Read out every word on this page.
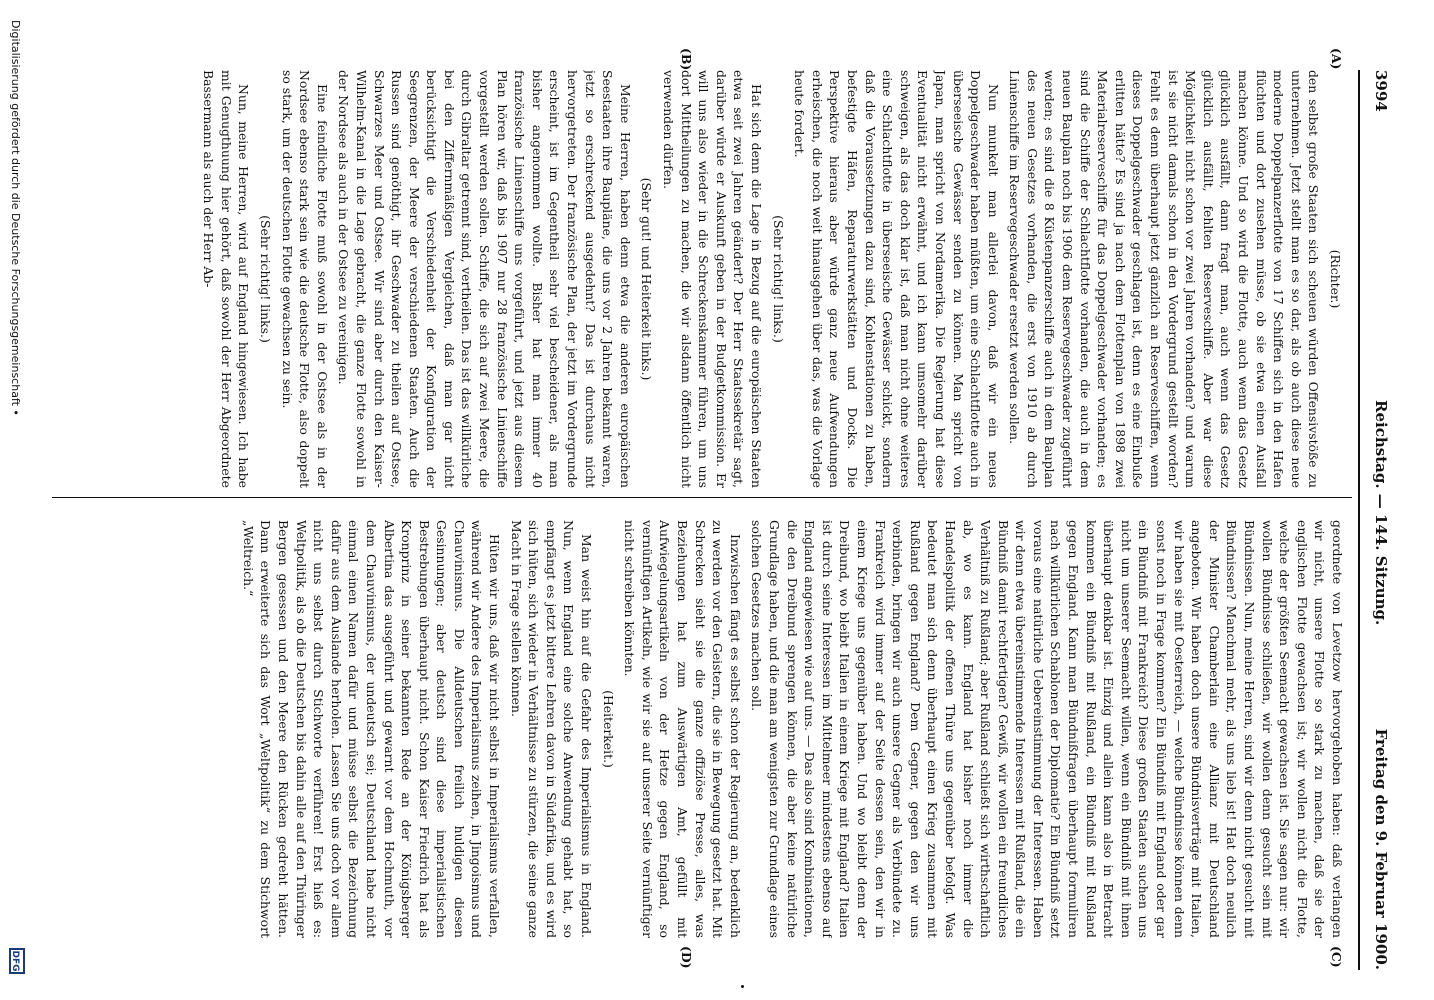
3994
Reichstag. — 144. Sitzung.
Freitag den 9. Februar 1900.
(A)
(B)
(C)
(D)

(Richter.)

den selbst große Staaten sich scheuen würden Offensivstöße zu unternehmen. Jetzt stellt man es so dar, als ob auch diese neue moderne Doppelpanzerflotte von 17 Schiffen sich in den Hafen flüchten und dort zusehen müsse, ob sie etwa einen Ausfall machen könne. Und so wird die Flotte, auch wenn das Gesetz glücklich ausfällt, dann fragt man, auch wenn das Gesetz glücklich ausfällt, fehlten Reserveschiffe. Aber war diese Möglichkeit nicht schon vor zwei Jahren vorhanden? und warum ist sie nicht damals schon in den Vordergrund gestellt worden? Fehlt es denn überhaupt jetzt gänzlich an Reserveschiffen, wenn dieses Doppelgeschwader geschlagen ist, denn es eine Einbuße erlitten hätte? Es sind ja nach dem Flottenplan von 1898 zwei Materialreserveschiffe für das Doppelgeschwader vorhanden; es sind die Schiffe der Schlachtflotte vorhanden, die auch in dem neuen Bauplan noch bis 1906 dem Reservegeschwader zugeführt werden; es sind die 8 Küstenpanzerschiffe auch in dem Bauplan des neuen Gesetzes vorhanden, die erst von 1910 ab durch Linienschiffe im Reservegeschwader ersetzt werden sollen.

Nun munkelt man allerlei davon, daß wir ein neues Doppelgeschwader haben müßten, um eine Schlachtflotte auch in überseeische Gewässer senden zu können. Man spricht von Japan, man spricht von Nordamerika. Die Regierung hat diese Eventualität nicht erwähnt, und ich kann umsomehr darüber schweigen, als das doch klar ist, daß man nicht ohne weiteres eine Schlachtflotte in überseeische Gewässer schickt, sondern daß die Voraussetzungen dazu sind, Kohlenstationen zu haben, befestigte Häfen, Reparaturwerkstätten und Docks. Die Perspektive hieraus aber würde ganz neue Aufwendungen erheischen, die noch weit hinausgehen über das, was die Vorlage heute fordert.

(Sehr richtig! links.)

Hat sich denn die Lage in Bezug auf die europäischen Staaten etwa seit zwei Jahren geändert? Der Herr Staatssekretär sagt, darüber würde er Auskunft geben in der Budgetkommission. Er will uns also wieder in die Schreckenskammer führen, um uns dort Mittheilungen zu machen, die wir alsdann öffentlich nicht verwenden dürfen.

(Sehr gut! und Heiterkeit links.)

Meine Herren, haben denn etwa die anderen europäischen Seestaaten ihre Baupläne, die uns vor 2 Jahren bekannt waren, jetzt so erschreckend ausgedehnt? Das ist durchaus nicht hervorgetreten. Der französische Plan, der jetzt im Vordergrunde erscheint, ist im Gegentheil sehr viel bescheidener, als man bisher angenommen wollte. Bisher hat man immer 40 französische Linienschiffe uns vorgeführt, und jetzt aus diesem Plan hören wir, daß bis 1907 nur 28 französische Linienschiffe vorgestellt werden sollen. Schiffe, die sich auf zwei Meere, die durch Gibraltar getrennt sind, vertheilen. Das ist das willkürliche bei den Ziffernmäßigen Vergleichen, daß man gar nicht berücksichtigt die Verschiedenheit der Konfiguration der Seegrenzen, der Meere der verschiedenen Staaten. Auch die Russen sind genöthigt, ihr Geschwader zu theilen auf Ostsee, Schwarzes Meer und Ostsee. Wir sind aber durch den Kaiser-Wilhelm-Kanal in die Lage gebracht, die ganze Flotte sowohl in der Nordsee als auch in der Ostsee zu vereinigen.

Eine feindliche Flotte muß sowohl in der Ostsee als in der Nordsee ebenso stark sein wie die deutsche Flotte, also doppelt so stark, um der deutschen Flotte gewachsen zu sein.

(Sehr richtig! links.)

Nun, meine Herren, wird auf England hingewiesen. Ich habe mit Genugthuung hier gehört, daß sowohl der Herr Abgeordnete Bassermann als auch der Herr Ab-

geordnete von Levetzow hervorgehoben haben: daß verlangen wir nicht, unsere Flotte so stark zu machen, daß sie der englischen Flotte gewachsen ist; wir wollen nicht die Flotte, welche der größten Seemacht gewachsen ist. Sie sagen nur: wir wollen Bündnisse schließen, wir wollen denn gesucht sein mit Bündnissen. Nun, meine Herren, sind wir denn nicht gesucht mit Bündnissen? Manchmal mehr, als uns lieb ist! Hat doch neulich der Minister Chamberlain eine Allianz mit Deutschland angeboten. Wir haben doch unsere Bündnisverträge mit Italien, wir haben sie mit Oesterreich, — welche Bündnisse können denn sonst noch in Frage kommen? Ein Bündniß mit England oder gar ein Bündniß mit Frankreich? Diese großen Staaten suchen uns nicht um unserer Seemacht willen, wenn ein Bündniß mit ihnen überhaupt denkbar ist. Einzig und allein kann also in Betracht kommen ein Bündniß mit Rußland, ein Bündniß mit Rußland gegen England. Kann man Bündnißfragen überhaupt formuliren nach willkürlichen Schablonen der Diplomatie? Ein Bündniß setzt voraus eine natürliche Uebereinstimmung der Interessen. Haben wir denn etwa übereinstimmende Interessen mit Rußland, die ein Bündniß damit rechtfertigen? Gewiß, wir wollen ein freundliches Verhältniß zu Rußland; aber Rußland schließt sich wirthschaftlich ab, wo es kann. England hat bisher noch immer die Handelspolitik der offenen Thüre uns gegenüber befolgt. Was bedeutet man sich denn überhaupt einen Krieg zusammen mit Rußland gegen England? Dem Gegner, gegen den wir uns verbinden, bringen wir auch unsere Gegner als Verbündete zu. Frankreich wird immer auf der Seite dessen sein, den wir in einem Kriege uns gegenüber haben. Und wo bleibt denn der Dreibund, wo bleibt Italien in einem Kriege mit England? Italien ist durch seine Interessen im Mittelmeer mindestens ebenso auf England angewiesen wie auf uns. — Das also sind Kombinationen, die den Dreibund sprengen können, die aber keine natürliche Grundlage haben, und die man am wenigsten zur Grundlage eines solchen Gesetzes machen soll.

Inzwischen fängt es selbst schon der Regierung an, bedenklich zu werden vor den Geistern, die sie in Bewegung gesetzt hat. Mit Schrecken sieht sie die ganze offiziöse Presse, alles, was Beziehungen hat zum Auswärtigen Amt, gefüllt mit Aufwiegelungsartikeln von der Hetze gegen England, so vernünftigen Artikeln, wie wir sie auf unserer Seite vernünftiger nicht schreiben könnten.

(Heiterkeit.)

Man weist hin auf die Gefahr des Imperialismus in England. Nun, wenn England eine solche Anwendung gehabt hat, so empfängt es jetzt bittere Lehren davon in Südafrika, und es wird sich hüten, sich wieder in Verhältnisse zu stürzen, die seine ganze Macht in Frage stellen können.

Hüten wir uns, daß wir nicht selbst in Imperialismus verfallen, während wir Andere des Imperialismus zeihen, in Jingoismus und Chauvinismus. Die Alldeutschen freilich huldigen diesen Gesinnungen; aber deutsch sind diese imperialistischen Bestrebungen überhaupt nicht. Schon Kaiser Friedrich hat als Kronprinz in seiner bekannten Rede an der Königsberger Albertina das ausgeführt und gewarnt vor dem Hochmuth, vor dem Chauvinismus, der undeutsch sei; Deutschland habe nicht einmal einen Namen dafür und müsse selbst die Bezeichnung dafür aus dem Auslande herholen. Lassen Sie uns doch vor allem nicht uns selbst durch Stichworte verführen! Erst hieß es: Weltpolitik, als ob die Deutschen bis dahin alle auf den Thüringer Bergen gesessen und den Meere den Rücken gedreht hätten. Dann erweiterte sich das Wort „Weltpolitik“ zu dem Stichwort „Weltreich.“

Digitalisierung gefördert durch die Deutsche Forschungsgemeinschaft •
DFG
